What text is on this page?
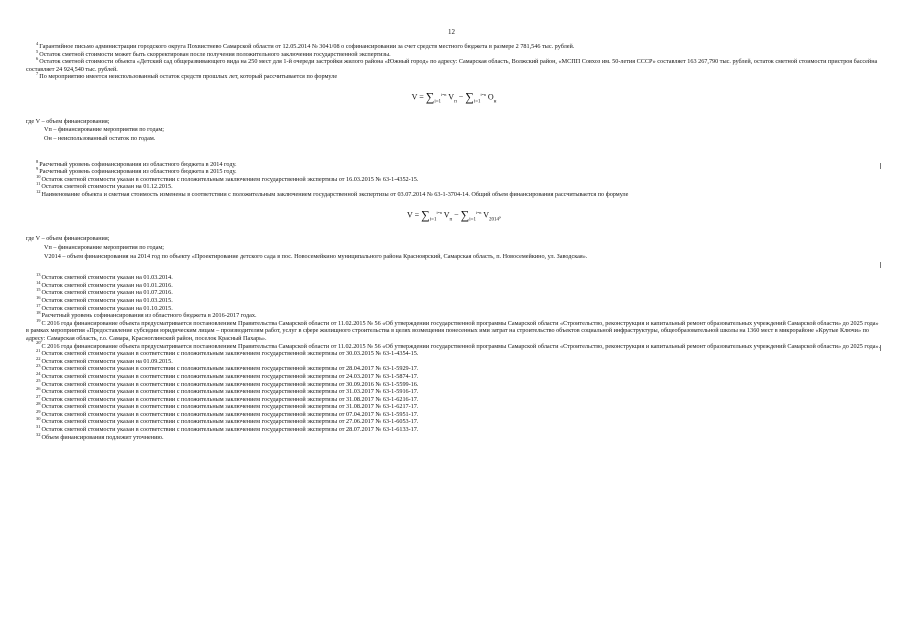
12

$^4$Гарантийное письмо администрации городского округа Похвистнево Самарской области от 12.05.2014 № 3041/08 о софинансировании за счет средств местного бюджета в размере 2 781,546 тыс. рублей.

$^5$Остаток сметной стоимости может быть скорректирован после получения положительного заключения государственной экспертизы.

$^6$Остаток сметной стоимости объекта «Детский сад общеразвивающего вида на 250 мест для 1-й очереди застройки жилого района «Южный город» по адресу: Самарская область, Волжский район, «МСПП Совхоз им. 50-летия СССР» составляет 163 267,790 тыс. рублей, остаток сметной стоимости пристроя бассейна составляет 24 924,540 тыс. рублей.

$^7$По мероприятию имеется неиспользованный остаток средств прошлых лет, который рассчитывается по формуле

$V = \sum_{i=1}^{i=n}$ $V_п - \sum_{i=1}^{i=n}$ $O_н$
где V – объем финансирования;
Vп – финансирование мероприятия по годам;
Oн – неиспользованный остаток по годам.

$^8$Расчетный уровень софинансирования из областного бюджета в 2014 году.

$^9$Расчетный уровень софинансирования из областного бюджета в 2015 году.

$^{10}$Остаток сметной стоимости указан в соответствии с положительным заключением государственной экспертизы от 16.03.2015 № 63-1-4352-15.

$^{11}$Остаток сметной стоимости указан на 01.12.2015.

$^{12}$Наименование объекта и сметная стоимость изменены в соответствии с положительным заключением государственной экспертизы от 03.07.2014 № 63-1-3704-14. Общий объем финансирования рассчитывается по формуле

$V = \sum_{i=1}^{i=n}$ $V_п - \sum_{i=1}^{i=n}$ $V_{2014}$,
где V – объем финансирования;
Vп – финансирование мероприятия по годам;
V2014 – объем финансирования на 2014 год по объекту «Проектирование детского сада в пос. Новосемейкино муниципального района Красноярский, Самарская область, п. Новосемейкино, ул. Заводская».

$^{13}$Остаток сметной стоимости указан на 01.03.2014.

$^{14}$Остаток сметной стоимости указан на 01.01.2016.

$^{15}$Остаток сметной стоимости указан на 01.07.2016.

$^{16}$Остаток сметной стоимости указан на 01.03.2015.

$^{17}$Остаток сметной стоимости указан на 01.10.2015.

$^{18}$Расчетный уровень софинансирования из областного бюджета в 2016-2017 годах.

$^{19}$С 2016 года финансирование объекта предусматривается постановлением Правительства Самарской области от 11.02.2015 № 56 «Об утверждении государственной программы Самарской области «Строительство, реконструкция и капитальный ремонт образовательных учреждений Самарской области» до 2025 года» в рамках мероприятия «Предоставление субсидии юридическим лицам – производителям работ, услуг в сфере жилищного строительства в целях возмещения понесенных ими затрат на строительство объектов социальной инфраструктуры, общеобразовательной школы на 1360 мест в микрорайоне «Крутые Ключи» по адресу: Самарская область, г.о. Самара, Красноглинский район, поселок Красный Пахарь».

$^{20}$С 2016 года финансирование объекта предусматривается постановлением Правительства Самарской области от 11.02.2015 № 56 «Об утверждении государственной программы Самарской области «Строительство, реконструкция и капитальный ремонт образовательных учреждений Самарской области» до 2025 года».

$^{21}$Остаток сметной стоимости указан в соответствии с положительным заключением государственной экспертизы от 30.03.2015 № 63-1-4354-15.

$^{22}$Остаток сметной стоимости указан на 01.09.2015.

$^{23}$Остаток сметной стоимости указан в соответствии с положительным заключением государственной экспертизы от 28.04.2017 № 63-1-5929-17.

$^{24}$Остаток сметной стоимости указан в соответствии с положительным заключением государственной экспертизы от 24.03.2017 № 63-1-5874-17.

$^{25}$Остаток сметной стоимости указан в соответствии с положительным заключением государственной экспертизы от 30.09.2016 № 63-1-5599-16.

$^{26}$Остаток сметной стоимости указан в соответствии с положительным заключением государственной экспертизы от 31.03.2017 № 63-1-5916-17.

$^{27}$Остаток сметной стоимости указан в соответствии с положительным заключением государственной экспертизы от 31.08.2017 № 63-1-6216-17.

$^{28}$Остаток сметной стоимости указан в соответствии с положительным заключением государственной экспертизы от 31.08.2017 № 63-1-6217-17.

$^{29}$Остаток сметной стоимости указан в соответствии с положительным заключением государственной экспертизы от 07.04.2017 № 63-1-5951-17.

$^{30}$Остаток сметной стоимости указан в соответствии с положительным заключением государственной экспертизы от 27.06.2017 № 63-1-6053-17.

$^{31}$Остаток сметной стоимости указан в соответствии с положительным заключением государственной экспертизы от 28.07.2017 № 63-1-6133-17.

$^{32}$Объем финансирования подлежит уточнению.
